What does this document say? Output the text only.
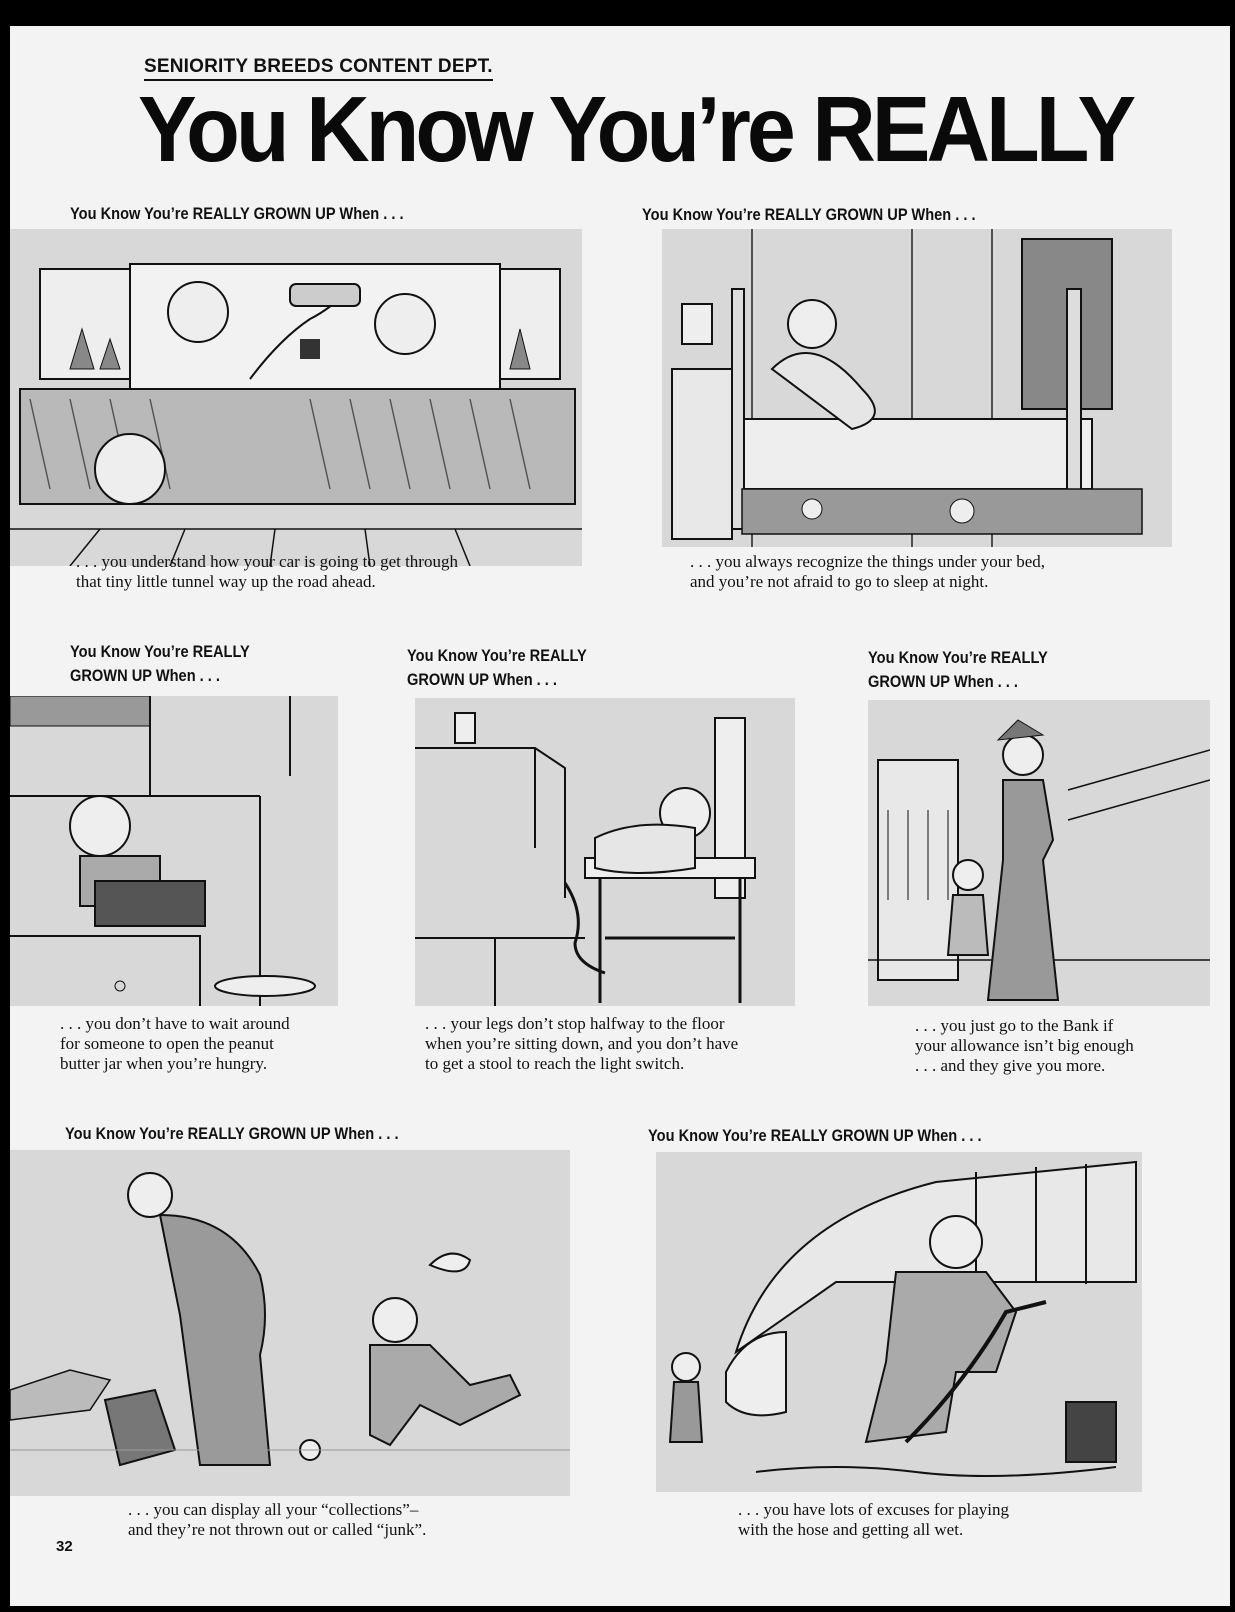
SENIORITY BREEDS CONTENT DEPT.
You Know You’re REALLY
You Know You’re REALLY GROWN UP When . . .
. . . you understand how your car is going to get through
that tiny little tunnel way up the road ahead.
You Know You’re REALLY GROWN UP When . . .
. . . you always recognize the things under your bed,
and you’re not afraid to go to sleep at night.
You Know You’re REALLY
GROWN UP When . . .
. . . you don’t have to wait around
for someone to open the peanut
butter jar when you’re hungry.
You Know You’re REALLY
GROWN UP When . . .
. . . your legs don’t stop halfway to the floor
when you’re sitting down, and you don’t have
to get a stool to reach the light switch.
You Know You’re REALLY
GROWN UP When . . .
. . . you just go to the Bank if
your allowance isn’t big enough
. . . and they give you more.
You Know You’re REALLY GROWN UP When . . .
. . . you can display all your “collections”–
and they’re not thrown out or called “junk”.
You Know You’re REALLY GROWN UP When . . .
. . . you have lots of excuses for playing
with the hose and getting all wet.
32
